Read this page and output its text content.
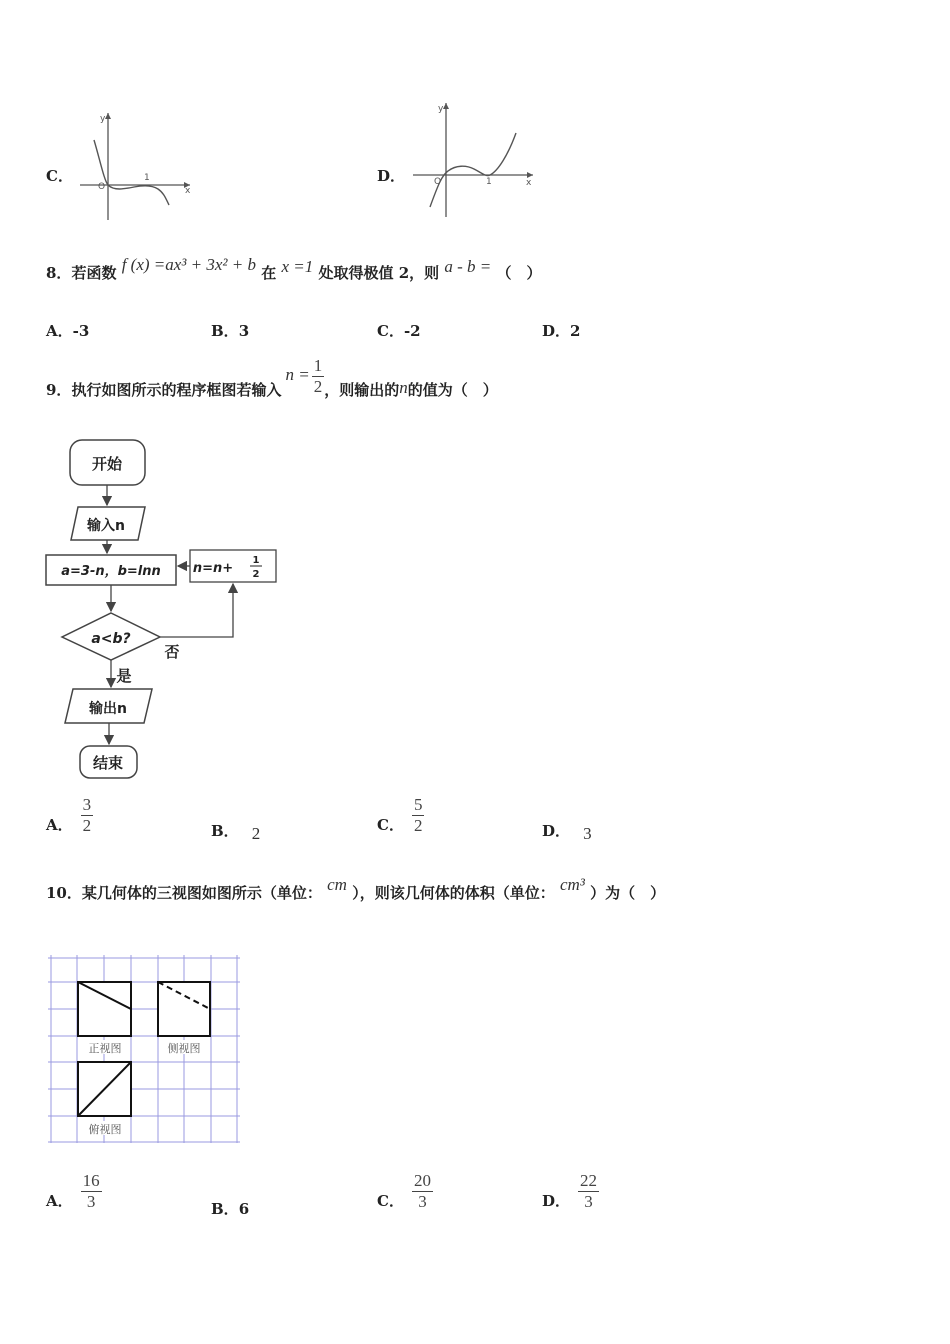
C．
y
x
O
1	D．
y
x
O	1
8．若函数 f (x) =ax³ + 3x² + b 在 x =1 处取得极值 2，则 a - b = （　）
A．-3	B．3	C．-2	D．2
9． 执行如图所示的程序框图若输入
$n = \frac{1}{2}$ ，则输出的 n 的值为（　）
开始
输入n
a=3-n，b=lnn n=n+
1
2
a<b?
否
是
输出n
结束
A． $\frac{3}{2}$	B． 2	C． $\frac{5}{2}$	D． 3
10．某几何体的三视图如图所示（单位： cm ），则该几何体的体积（单位： cm³ ）为（　）
正视图	侧视图
俯视图
A． $\frac{16}{3}$	B．6	C． $\frac{20}{3}$	D． $\frac{22}{3}$
